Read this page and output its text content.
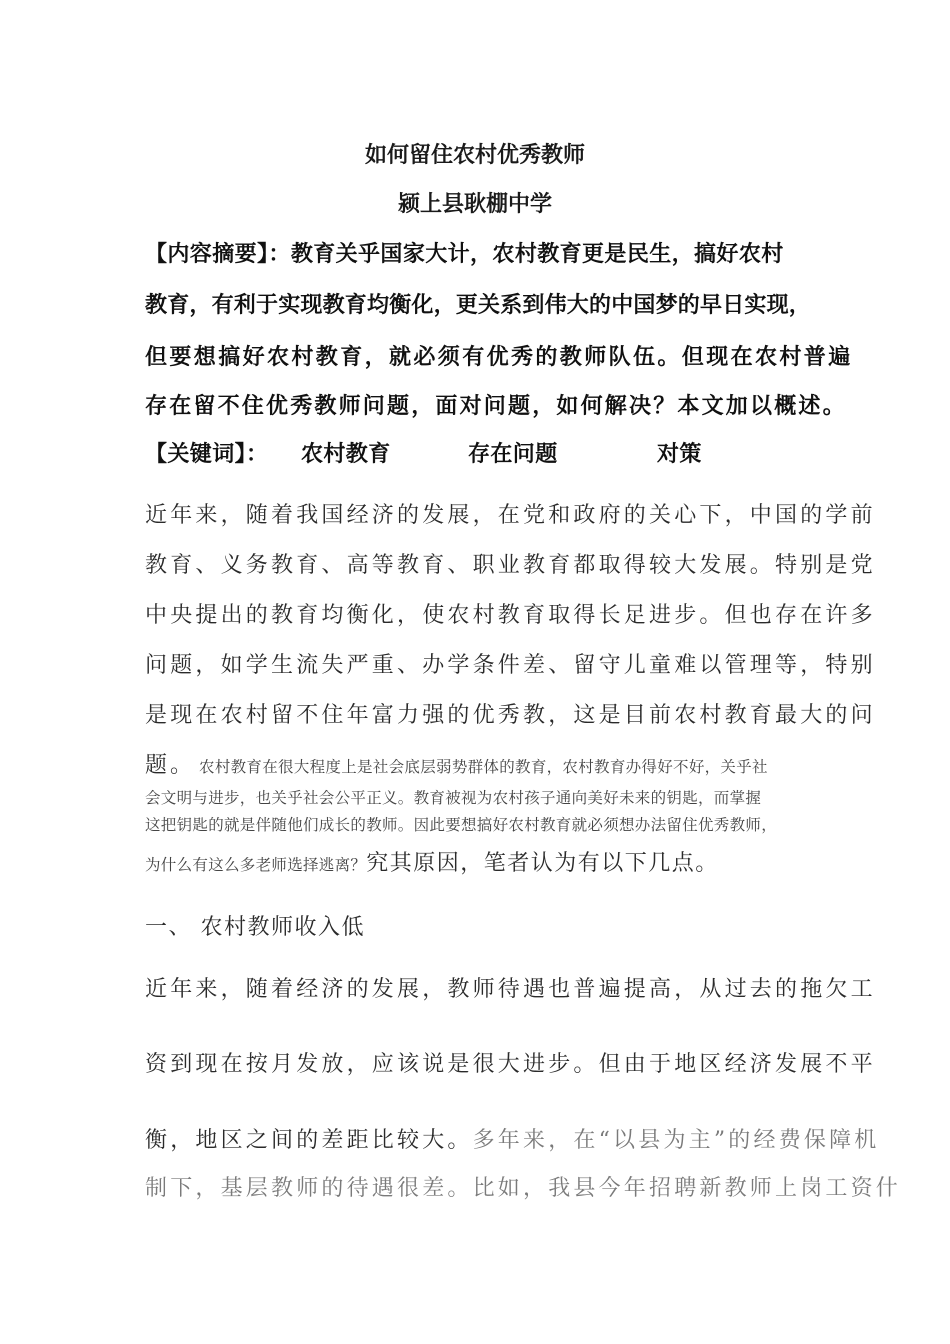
如何留住农村优秀教师
颍上县耿棚中学
【内容摘要】：教育关乎国家大计，农村教育更是民生，搞好农村
教育，有利于实现教育均衡化，更关系到伟大的中国梦的早日实现，
但要想搞好农村教育，就必须有优秀的教师队伍。但现在农村普遍
存在留不住优秀教师问题，面对问题，如何解决？本文加以概述。
【关键词】： 农村教育	存在问题	对策
近年来，随着我国经济的发展，在党和政府的关心下，中国的学前
教育、义务教育、高等教育、职业教育都取得较大发展。特别是党
中央提出的教育均衡化，使农村教育取得长足进步。但也存在许多
问题，如学生流失严重、办学条件差、留守儿童难以管理等，特别
是现在农村留不住年富力强的优秀教，这是目前农村教育最大的问
题。 农村教育在很大程度上是社会底层弱势群体的教育，农村教育办得好不好，关乎社
会文明与进步，也关乎社会公平正义。教育被视为农村孩子通向美好未来的钥匙，而掌握
这把钥匙的就是伴随他们成长的教师。因此要想搞好农村教育就必须想办法留住优秀教师，
为什么有这么多老师选择逃离？究其原因，笔者认为有以下几点。
一、 农村教师收入低
近年来，随着经济的发展，教师待遇也普遍提高，从过去的拖欠工
资到现在按月发放，应该说是很大进步。但由于地区经济发展不平
衡，地区之间的差距比较大。多年来，在“以县为主”的经费保障机
制下，基层教师的待遇很差。比如，我县今年招聘新教师上岗工资什
